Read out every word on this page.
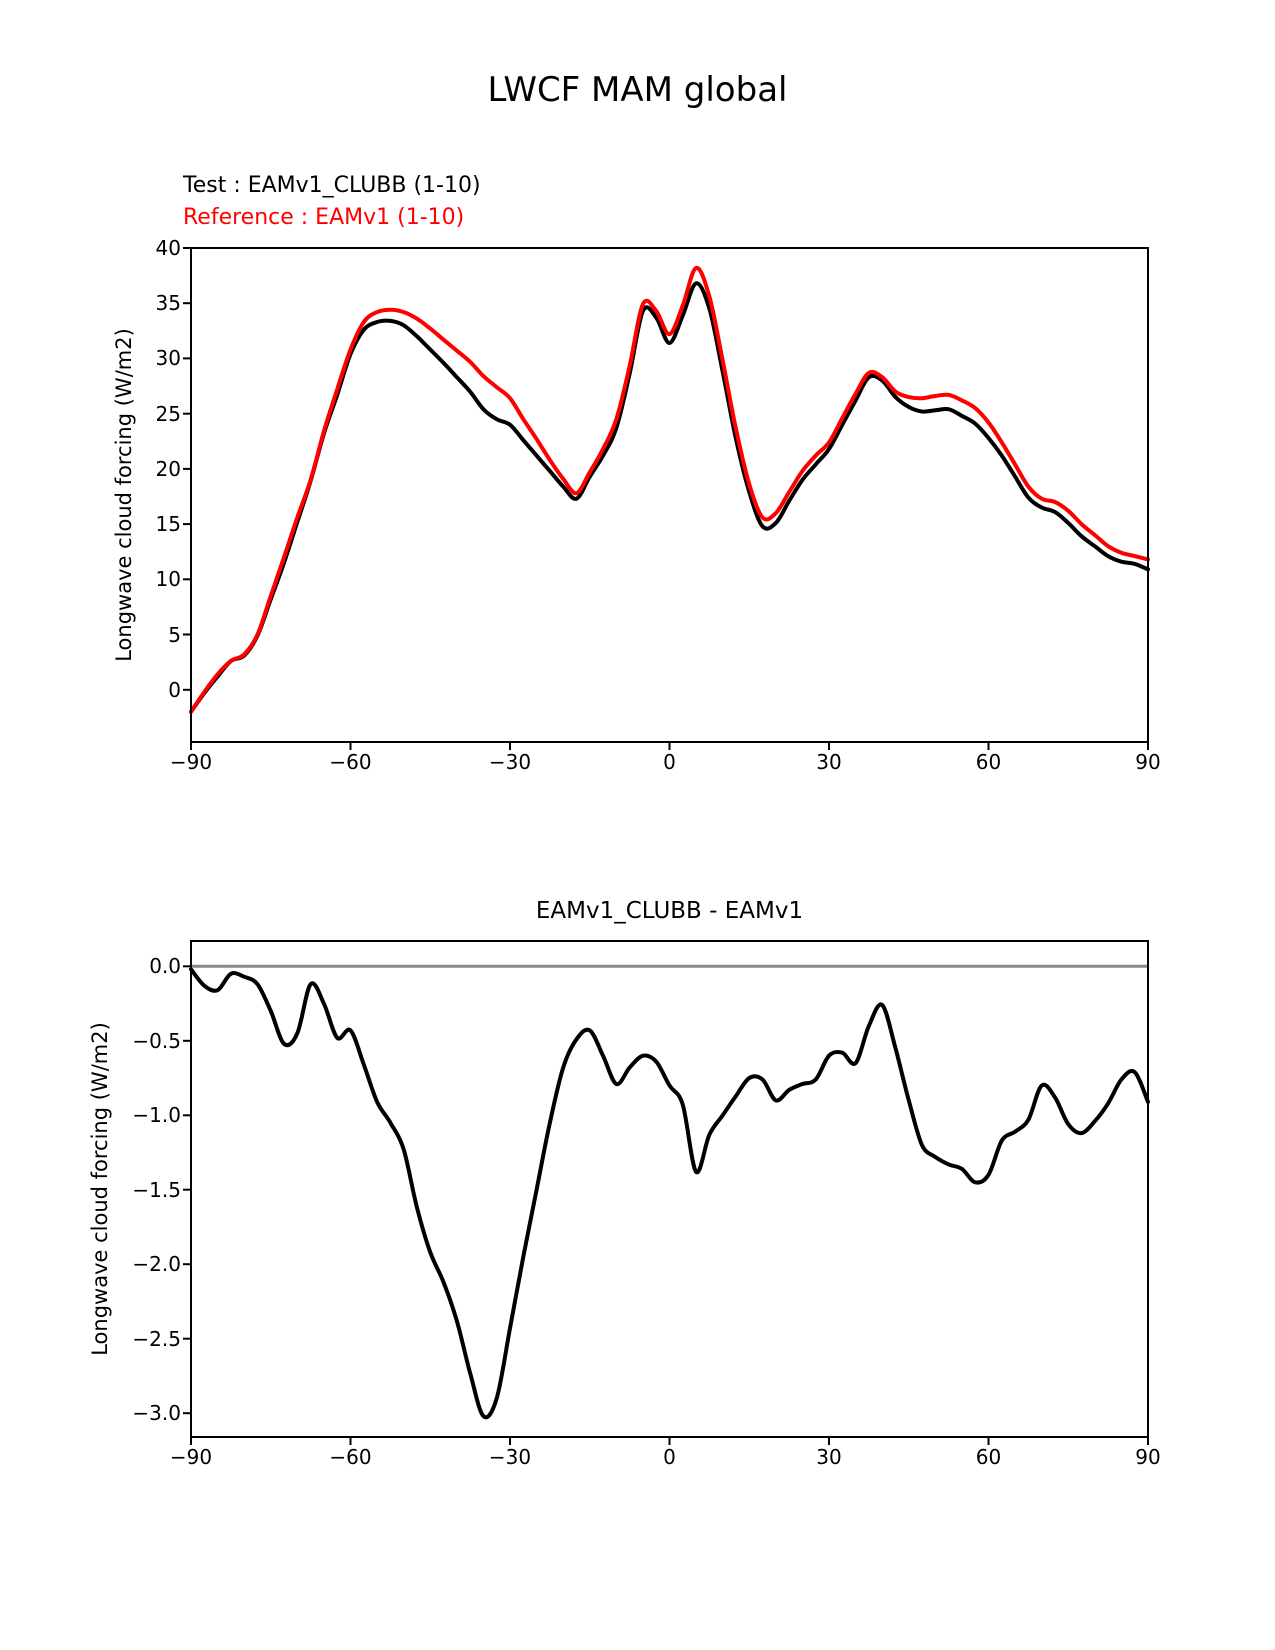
LWCF MAM global
Test : EAMv1_CLUBB (1-10)
Reference : EAMv1 (1-10)
Longwave cloud forcing (W/m2)
−90	−60	−30	0	30	60	90
0
5
10
15
20
25
30
35
40
EAMv1_CLUBB - EAMv1
Longwave cloud forcing (W/m2)
−90	−60	−30	0	30	60	90
0.0
−0.5
−1.0
−1.5
−2.0
−2.5
−3.0
